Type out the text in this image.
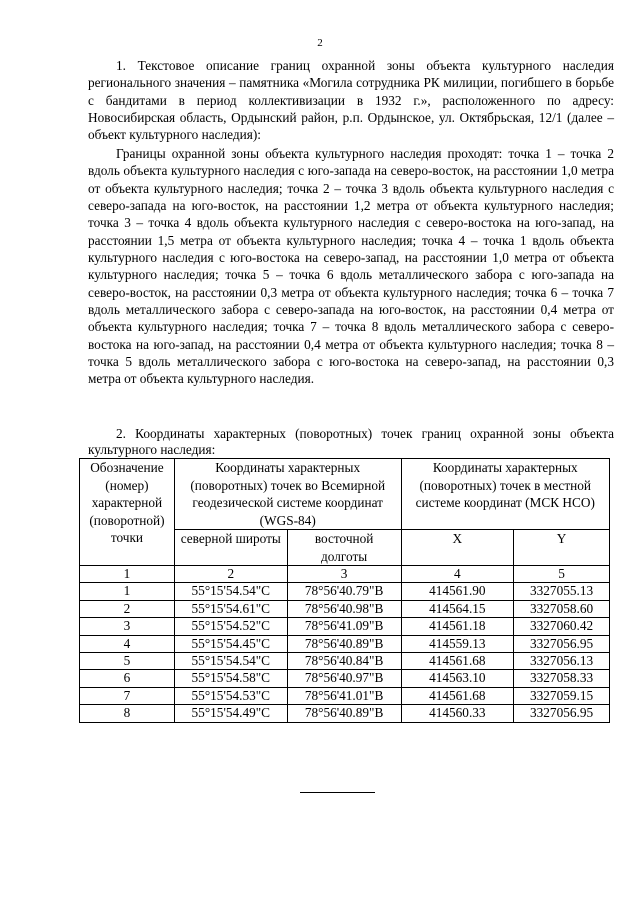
2

1. Текстовое описание границ охранной зоны объекта культурного наследия регионального значения – памятника «Могила сотрудника РК милиции, погибшего в борьбе с бандитами в период коллективизации в 1932 г.», расположенного по адресу: Новосибирская область, Ордынский район, р.п. Ордынское, ул. Октябрьская, 12/1 (далее – объект культурного наследия):

Границы охранной зоны объекта культурного наследия проходят: точка 1 – точка 2 вдоль объекта культурного наследия с юго-запада на северо-восток, на расстоянии 1,0 метра от объекта культурного наследия; точка 2 – точка 3 вдоль объекта культурного наследия с северо-запада на юго-восток, на расстоянии 1,2 метра от объекта культурного наследия; точка 3 – точка 4 вдоль объекта культурного наследия с северо-востока на юго-запад, на расстоянии 1,5 метра от объекта культурного наследия; точка 4 – точка 1 вдоль объекта культурного наследия с юго-востока на северо-запад, на расстоянии 1,0 метра от объекта культурного наследия; точка 5 – точка 6 вдоль металлического забора с юго-запада на северо-восток, на расстоянии 0,3 метра от объекта культурного наследия; точка 6 – точка 7 вдоль металлического забора с северо-запада на юго-восток, на расстоянии 0,4 метра от объекта культурного наследия; точка 7 – точка 8 вдоль металлического забора с северо-востока на юго-запад, на расстоянии 0,4 метра от объекта культурного наследия; точка 8 – точка 5 вдоль металлического забора с юго-востока на северо-запад, на расстоянии 0,3 метра от объекта культурного наследия.

2. Координаты характерных (поворотных) точек границ охранной зоны объекта культурного наследия:

Обозначение (номер) характерной (поворотной) точки	Координаты характерных (поворотных) точек во Всемирной геодезической системе координат (WGS-84)		Координаты характерных (поворотных) точек в местной системе координат (МСК НСО)	
	северной широты	восточной долготы	X	Y
1	2	3	4	5
1	55°15'54.54"С	78°56'40.79"В	414561.90	3327055.13
2	55°15'54.61"С	78°56'40.98"В	414564.15	3327058.60
3	55°15'54.52"С	78°56'41.09"В	414561.18	3327060.42
4	55°15'54.45"С	78°56'40.89"В	414559.13	3327056.95
5	55°15'54.54"С	78°56'40.84"В	414561.68	3327056.13
6	55°15'54.58"С	78°56'40.97"В	414563.10	3327058.33
7	55°15'54.53"С	78°56'41.01"В	414561.68	3327059.15
8	55°15'54.49"С	78°56'40.89"В	414560.33	3327056.95
